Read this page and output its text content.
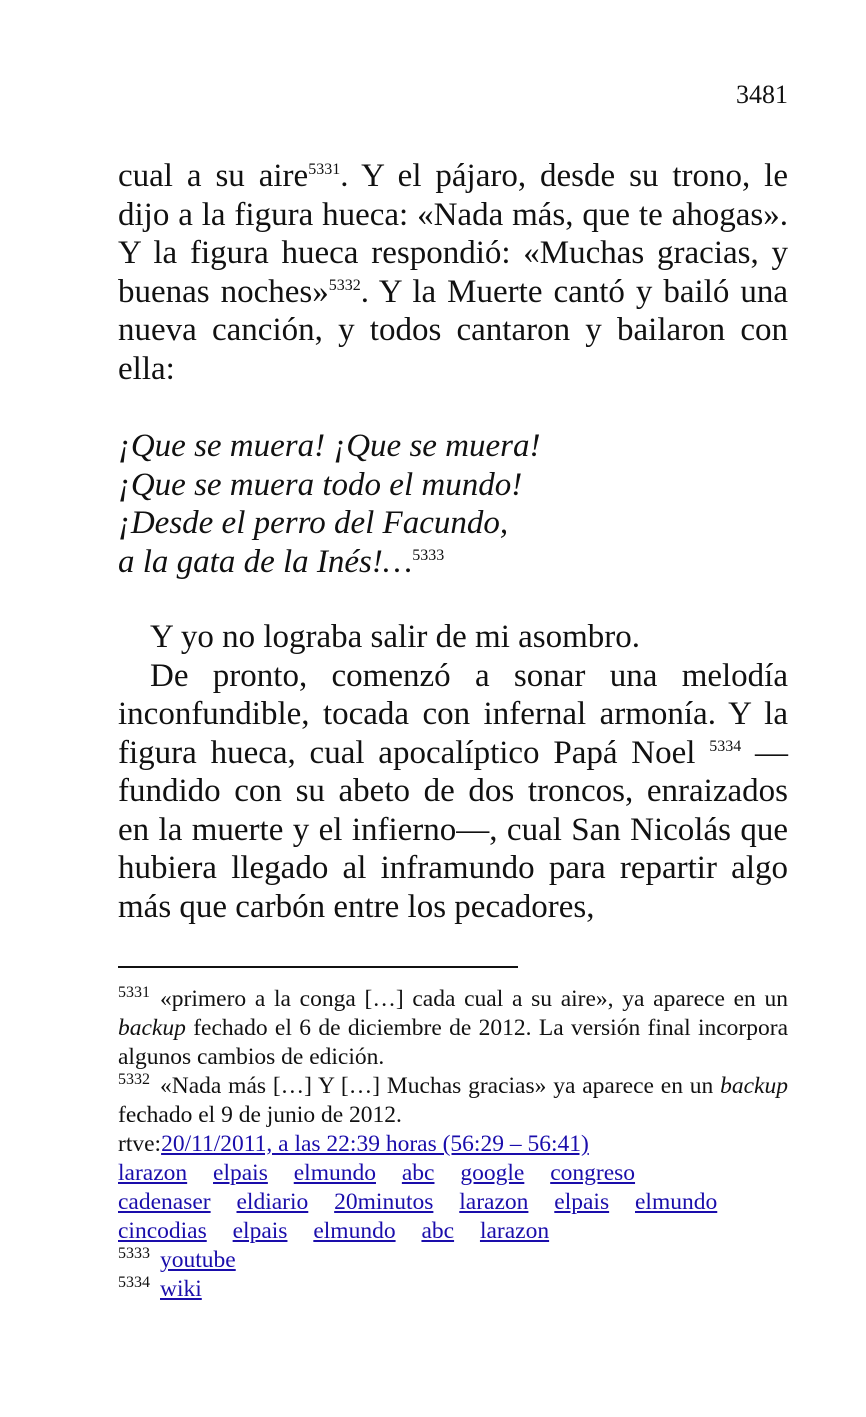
3481

cual a su aire$^{5331}$. Y el pájaro, desde su trono, le dijo a la figura hueca: «Nada más, que te ahogas». Y la figura hueca respondió: «Muchas gracias, y buenas noches»$^{5332}$. Y la Muerte cantó y bailó una nueva canción, y todos cantaron y bailaron con ella:

¡Que se muera! ¡Que se muera!
¡Que se muera todo el mundo!
¡Desde el perro del Facundo,
a la gata de la Inés!…$^{5333}$

Y yo no lograba salir de mi asombro.

De pronto, comenzó a sonar una melodía inconfundible, tocada con infernal armonía. Y la figura hueca, cual apocalíptico Papá Noel $^{5334}$ —fundido con su abeto de dos troncos, enraizados en la muerte y el infierno—, cual San Nicolás que hubiera llegado al inframundo para repartir algo más que carbón entre los pecadores,

$^{5331}$ «primero a la conga […] cada cual a su aire», ya aparece en un backup fechado el 6 de diciembre de 2012. La versión final incorpora algunos cambios de edición.
$^{5332}$ «Nada más […] Y […] Muchas gracias» ya aparece en un backup fechado el 9 de junio de 2012.
rtve:20/11/2011, a las 22:39 horas (56:29 – 56:41)
larazon elpais elmundo abc google congreso
cadenaser eldiario 20minutos larazon elpais elmundo
cincodias elpais elmundo abc larazon
$^{5333}$ youtube
$^{5334}$ wiki
